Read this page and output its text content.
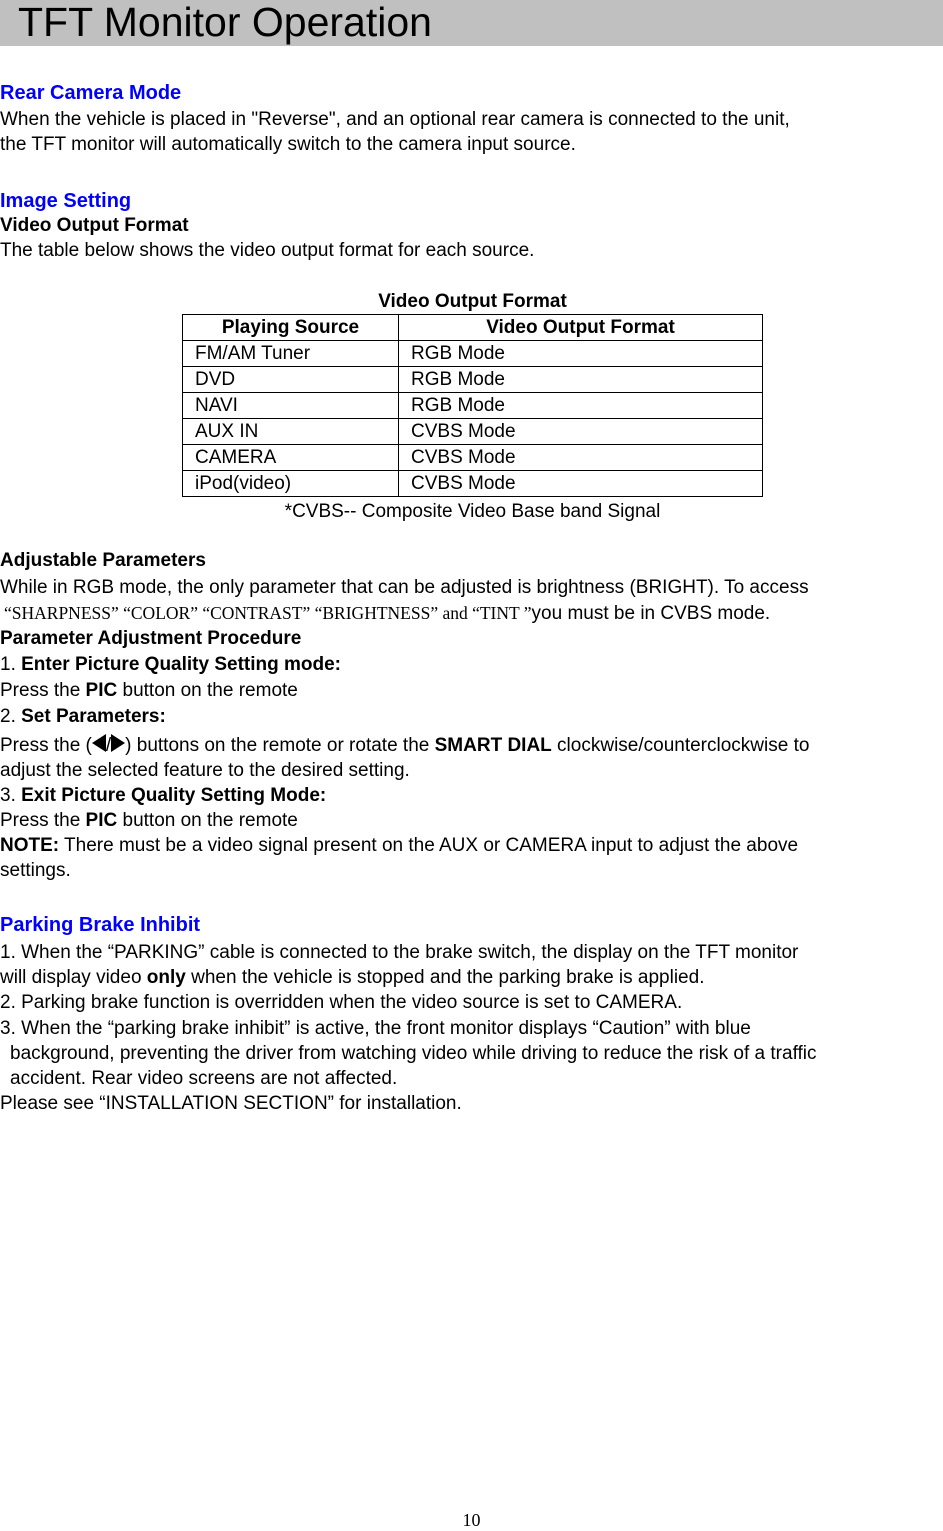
TFT Monitor Operation
Rear Camera Mode
When the vehicle is placed in "Reverse", and an optional rear camera is connected to the unit,
the TFT monitor will automatically switch to the camera input source.
Image Setting
Video Output Format
The table below shows the video output format for each source.
Video Output Format
Playing Source	Video Output Format
FM/AM Tuner	RGB Mode
DVD	RGB Mode
NAVI	RGB Mode
AUX IN	CVBS Mode
CAMERA	CVBS Mode
iPod(video)	CVBS Mode
*CVBS-- Composite Video Base band Signal
Adjustable Parameters
While in RGB mode, the only parameter that can be adjusted is brightness (BRIGHT). To access
“SHARPNESS” “COLOR” “CONTRAST” “BRIGHTNESS” and “TINT ”you must be in CVBS mode.
Parameter Adjustment Procedure
1. Enter Picture Quality Setting mode:
Press the PIC button on the remote
2. Set Parameters:
Press the ( / ) buttons on the remote or rotate the SMART DIAL clockwise/counterclockwise to
adjust the selected feature to the desired setting.
3. Exit Picture Quality Setting Mode:
Press the PIC button on the remote
NOTE: There must be a video signal present on the AUX or CAMERA input to adjust the above
settings.
Parking Brake Inhibit
1. When the “PARKING” cable is connected to the brake switch, the display on the TFT monitor
will display video only when the vehicle is stopped and the parking brake is applied.
2. Parking brake function is overridden when the video source is set to CAMERA.
3. When the “parking brake inhibit” is active, the front monitor displays “Caution” with blue
background, preventing the driver from watching video while driving to reduce the risk of a traffic
accident. Rear video screens are not affected.
Please see “INSTALLATION SECTION” for installation.
10
